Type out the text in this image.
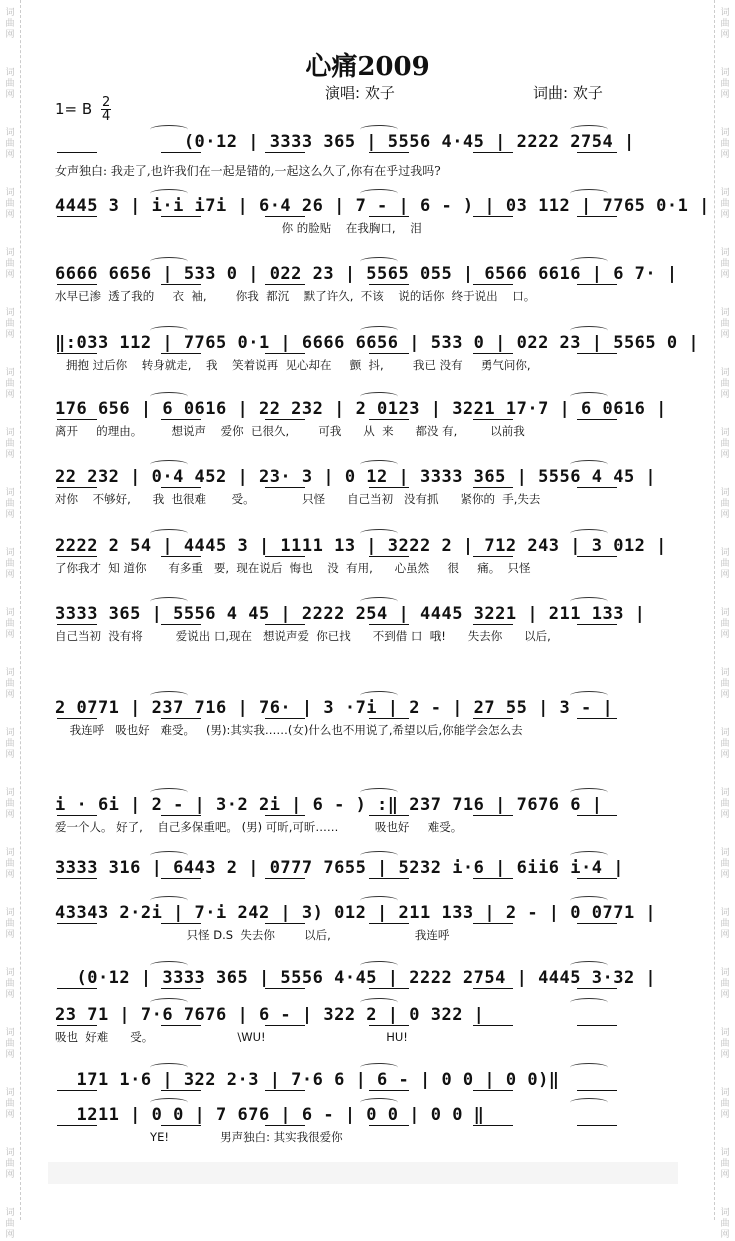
词
曲
网
词
曲
网
词
曲
网
词
曲
网
词
曲
网
词
曲
网
词
曲
网
词
曲
网
词
曲
网
词
曲
网
词
曲
网
词
曲
网
词
曲
网
词
曲
网
词
曲
网
词
曲
网
词
曲
网
词
曲
网
词
曲
网
词
曲
网
词
曲
网
词
曲
网
词
曲
网
词
曲
网
词
曲
网
词
曲
网
词
曲
网
词
曲
网
词
曲
网
词
曲
网
词
曲
网
词
曲
网
词
曲
网
词
曲
网
词
曲
网
词
曲
网
词
曲
网
词
曲
网
词
曲
网
词
曲
网
词
曲
网
词
曲
网
心痛2009
演唱: 欢子	词曲: 欢子
1= B $\frac{2}{4}$
女声独白: 我走了,也许我们在一起是错的,一起这么久了,你有在乎过我吗?
(0·12 | 3333 365 | 5556 4·45 | 2222 2754 |
4445 3 | i·i i7i | 6·4 26 | 7 - | 6 - ) | 03 112 | 7765 0·1 |
你 的脸贴    在我胸口,    泪
6666 6656 | 533 0 | 022 23 | 5565 055 | 6566 6616 | 6 7· |
水早已渗  透了我的     衣  袖,        你我  都沉    默了许久,  不该    说的话你  终于说出    口。
‖:033 112 | 7765 0·1 | 6666 6656 | 533 0 | 022 23 | 5565 0 |
拥抱 过后你    转身就走,    我    笑着说再  见心却在     颤  抖,        我已 没有     勇气问你,
176 656 | 6 0616 | 22 232 | 2 0123 | 3221 17·7 | 6 0616 |
离开     的理由。        想说声    爱你  已很久,        可我      从  来      都没 有,         以前我
22 232 | 0·4 452 | 23· 3 | 0 12 | 3333 365 | 5556 4 45 |
对你    不够好,      我  也很难       受。             只怪      自己当初   没有抓      紧你的  手,失去
2222 2 54 | 4445 3 | 1111 13 | 3222 2 | 712 243 | 3 012 |
了你我才  知 道你      有多重   要,  现在说后  悔也    没  有用,      心虽然     很     痛。  只怪
3333 365 | 5556 4 45 | 2222 254 | 4445 3221 | 211 133 |
自己当初  没有将         爱说出 口,现在   想说声爱  你已找      不到借 口  哦!      失去你      以后,
2 0771 | 237 716 | 76· | 3 ·7i | 2 - | 27 55 | 3 - |
我连呼   吸也好   难受。   (男):其实我……(女)什么也不用说了,希望以后,你能学会怎么去
i · 6i | 2 - | 3·2 2i | 6 - ) :‖ 237 716 | 7676 6 |
爱一个人。 好了,    自己多保重吧。 (男) 可昕,可昕……          吸也好     难受。
3333 316 | 6443 2 | 0777 7655 | 5232 i·6 | 6ii6 i·4 |
43343 2·2i | 7·i 242 | 3) 012 | 211 133 | 2 - | 0 0771 |
只怪 D.S  失去你        以后,                       我连呼
(0·12 | 3333 365 | 5556 4·45 | 2222 2754 | 4445 3·32 |
23 71 | 7·6 7676 | 6 - | 322 2 | 0 322 |
吸也  好难      受。                       \WU!                                 HU!
171 1·6 | 322 2·3 | 7·6 6 | 6 - | 0 0 | 0 0)‖
1211 | 0 0 | 7 676 | 6 - | 0 0 | 0 0 ‖
YE!              男声独白: 其实我很爱你
